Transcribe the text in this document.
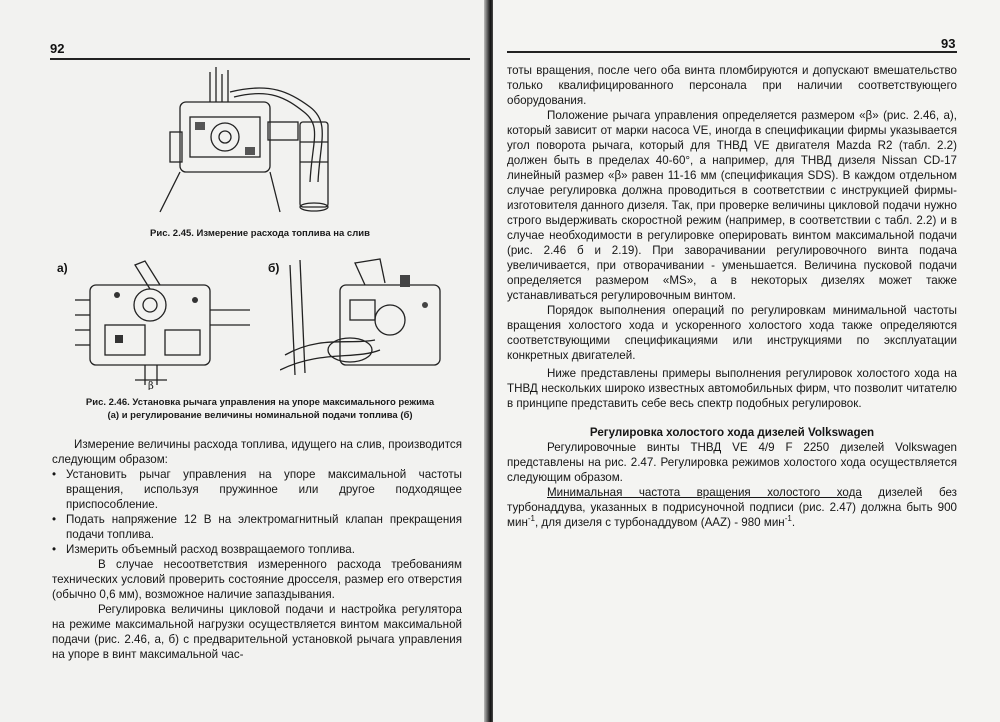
92
Рис. 2.45. Измерение расхода топлива на слив
а)
β
б)
Рис. 2.46. Установка рычага управления на упоре максимального режима
(а) и регулирование величины номинальной подачи топлива (б)

Измерение величины расхода топлива, идущего на слив, производится следующим образом:

• Установить рычаг управления на упоре максимальной частоты вращения, используя пружинное или другое подходящее приспособление.
• Подать напряжение 12 В на электромагнитный клапан прекращения подачи топлива.
• Измерить объемный расход возвращаемого топлива.

В случае несоответствия измеренного расхода требованиям технических условий проверить состояние дросселя, размер его отверстия (обычно 0,6 мм), возможное наличие запаздывания.

Регулировка величины цикловой подачи и настройка регулятора на режиме максимальной нагрузки осуществляется винтом максимальной подачи (рис. 2.46, а, б) с предварительной установкой рычага управления на упоре в винт максимальной час-

93

тоты вращения, после чего оба винта пломбируются и допускают вмешательство только квалифицированного персонала при наличии соответствующего оборудования.

Положение рычага управления определяется размером «β» (рис. 2.46, а), который зависит от марки насоса VE, иногда в спецификации фирмы указывается угол поворота рычага, который для ТНВД VE двигателя Mazda R2 (табл. 2.2) должен быть в пределах 40-60°, а например, для ТНВД дизеля Nissan CD-17 линейный размер «β» равен 11-16 мм (спецификация SDS). В каждом отдельном случае регулировка должна проводиться в соответствии с инструкцией фирмы-изготовителя данного дизеля. Так, при проверке величины цикловой подачи нужно строго выдерживать скоростной режим (например, в соответствии с табл. 2.2) и в случае необходимости в регулировке оперировать винтом максимальной подачи (рис. 2.46 б и 2.19). При заворачивании регулировочного винта подача увеличивается, при отворачивании - уменьшается. Величина пусковой подачи определяется размером «MS», а в некоторых дизелях может также устанавливаться регулировочным винтом.

Порядок выполнения операций по регулировкам минимальной частоты вращения холостого хода и ускоренного холостого хода также определяются соответствующими спецификациями или инструкциями по эксплуатации конкретных двигателей.

Ниже представлены примеры выполнения регулировок холостого хода на ТНВД нескольких широко известных автомобильных фирм, что позволит читателю в принципе представить себе весь спектр подобных регулировок.

Регулировка холостого хода дизелей Volkswagen

Регулировочные винты ТНВД VE 4/9 F 2250 дизелей Volkswagen представлены на рис. 2.47. Регулировка режимов холостого хода осуществляется следующим образом.

Минимальная частота вращения холостого хода дизелей без турбонаддува, указанных в подрисуночной подписи (рис. 2.47) должна быть 900 мин$^{-1}$, для дизеля с турбонаддувом (AAZ) - 980 мин$^{-1}$.
